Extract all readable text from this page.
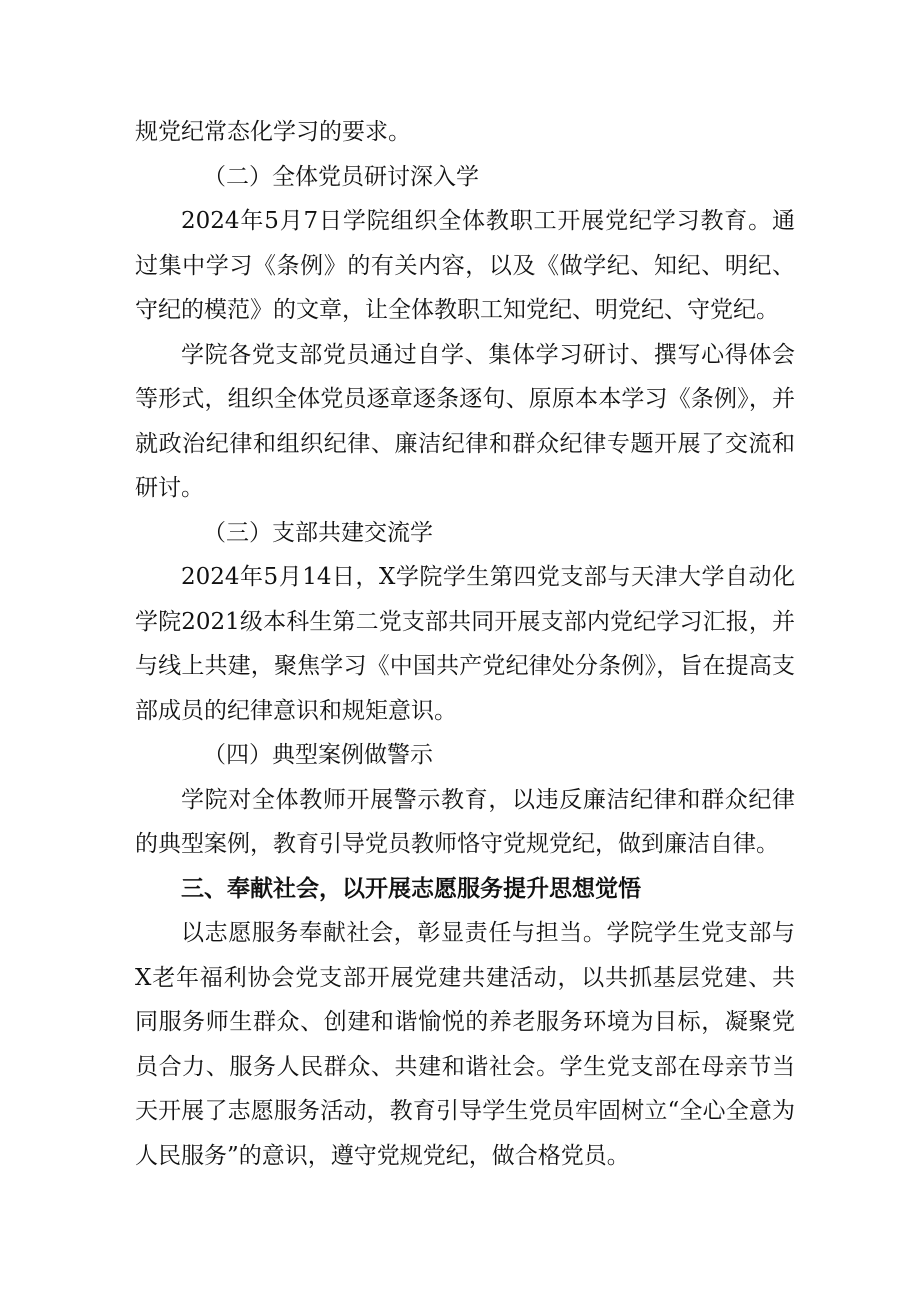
规党纪常态化学习的要求。

（二）全体党员研讨深入学

2024年5月7日学院组织全体教职工开展党纪学习教育。通过集中学习《条例》的有关内容，以及《做学纪、知纪、明纪、守纪的模范》的文章，让全体教职工知党纪、明党纪、守党纪。

学院各党支部党员通过自学、集体学习研讨、撰写心得体会等形式，组织全体党员逐章逐条逐句、原原本本学习《条例》，并就政治纪律和组织纪律、廉洁纪律和群众纪律专题开展了交流和研讨。

（三）支部共建交流学

2024年5月14日，X学院学生第四党支部与天津大学自动化学院2021级本科生第二党支部共同开展支部内党纪学习汇报，并与线上共建，聚焦学习《中国共产党纪律处分条例》，旨在提高支部成员的纪律意识和规矩意识。

（四）典型案例做警示

学院对全体教师开展警示教育，以违反廉洁纪律和群众纪律的典型案例，教育引导党员教师恪守党规党纪，做到廉洁自律。

三、奉献社会，以开展志愿服务提升思想觉悟

以志愿服务奉献社会，彰显责任与担当。学院学生党支部与X老年福利协会党支部开展党建共建活动，以共抓基层党建、共同服务师生群众、创建和谐愉悦的养老服务环境为目标，凝聚党员合力、服务人民群众、共建和谐社会。学生党支部在母亲节当天开展了志愿服务活动，教育引导学生党员牢固树立“全心全意为人民服务”的意识，遵守党规党纪，做合格党员。
